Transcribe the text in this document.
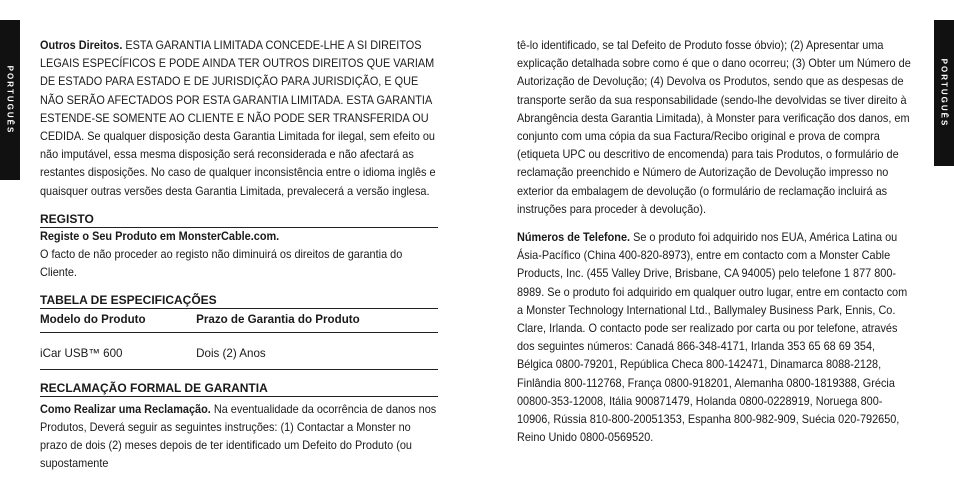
PORTUGUÊS	PORTUGUÊS

Outros Direitos. ESTA GARANTIA LIMITADA CONCEDE-LHE A SI DIREITOS LEGAIS ESPECÍFICOS E PODE AINDA TER OUTROS DIREITOS QUE VARIAM DE ESTADO PARA ESTADO E DE JURISDIÇÃO PARA JURISDIÇÃO, E QUE NÃO SERÃO AFECTADOS POR ESTA GARANTIA LIMITADA. ESTA GARANTIA ESTENDE-SE SOMENTE AO CLIENTE E NÃO PODE SER TRANSFERIDA OU CEDIDA. Se qualquer disposição desta Garantia Limitada for ilegal, sem efeito ou não imputável, essa mesma disposição será reconsiderada e não afectará as restantes disposições. No caso de qualquer inconsistência entre o idioma inglês e quaisquer outras versões desta Garantia Limitada, prevalecerá a versão inglesa.

REGISTO

Registe o Seu Produto em MonsterCable.com.

O facto de não proceder ao registo não diminuirá os direitos de garantia do Cliente.

TABELA DE ESPECIFICAÇÕES
Modelo do Produto	Prazo de Garantia do Produto
iCar USB™ 600	Dois (2) Anos
RECLAMAÇÃO FORMAL DE GARANTIA

Como Realizar uma Reclamação. Na eventualidade da ocorrência de danos nos Produtos, Deverá seguir as seguintes instruções: (1) Contactar a Monster no prazo de dois (2) meses depois de ter identificado um Defeito do Produto (ou supostamente

tê-lo identificado, se tal Defeito de Produto fosse óbvio); (2) Apresentar uma explicação detalhada sobre como é que o dano ocorreu; (3) Obter um Número de Autorização de Devolução; (4) Devolva os Produtos, sendo que as despesas de transporte serão da sua responsabilidade (sendo-lhe devolvidas se tiver direito à Abrangência desta Garantia Limitada), à Monster para verificação dos danos, em conjunto com uma cópia da sua Factura/Recibo original e prova de compra (etiqueta UPC ou descritivo de encomenda) para tais Produtos, o formulário de reclamação preenchido e Número de Autorização de Devolução impresso no exterior da embalagem de devolução (o formulário de reclamação incluirá as instruções para proceder à devolução).

Números de Telefone. Se o produto foi adquirido nos EUA, América Latina ou Ásia-Pacífico (China 400-820-8973), entre em contacto com a Monster Cable Products, Inc. (455 Valley Drive, Brisbane, CA 94005) pelo telefone 1 877 800-8989. Se o produto foi adquirido em qualquer outro lugar, entre em contacto com a Monster Technology International Ltd., Ballymaley Business Park, Ennis, Co. Clare, Irlanda. O contacto pode ser realizado por carta ou por telefone, através dos seguintes números: Canadá 866-348-4171, Irlanda 353 65 68 69 354, Bélgica 0800-79201, República Checa 800-142471, Dinamarca 8088-2128, Finlândia 800-112768, França 0800-918201, Alemanha 0800-1819388, Grécia 00800-353-12008, Itália 900871479, Holanda 0800-0228919, Noruega 800-10906, Rússia 810-800-20051353, Espanha 800-982-909, Suécia 020-792650, Reino Unido 0800-0569520.
